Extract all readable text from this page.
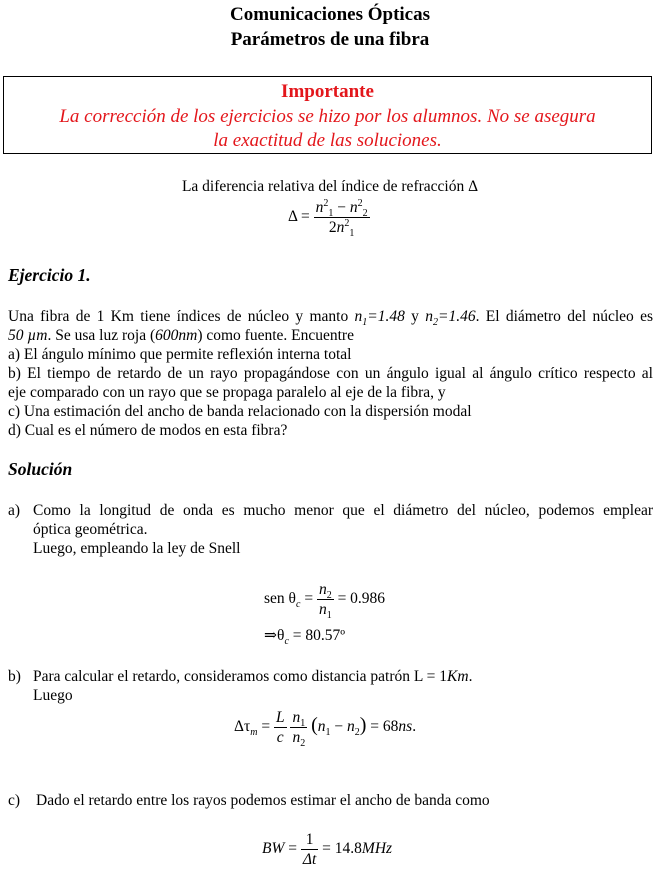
Comunicaciones Ópticas
Parámetros de una fibra
Importante
La corrección de los ejercicios se hizo por los alumnos. No se asegura
la exactitud de las soluciones.
La diferencia relativa del índice de refracción Δ
$\Delta = \frac{n^2_1 - n^2_2}{2n^2_1}$
Ejercicio 1.

Una fibra de 1 Km tiene índices de núcleo y manto $n_1=1.48$ y $n_2=1.46$. El diámetro del núcleo es

50 µm. Se usa luz roja (600nm) como fuente. Encuentre

a) El ángulo mínimo que permite reflexión interna total

b) El tiempo de retardo de un rayo propagándose con un ángulo igual al ángulo crítico respecto al

eje comparado con un rayo que se propaga paralelo al eje de la fibra, y

c) Una estimación del ancho de banda relacionado con la dispersión modal

d) Cual es el número de modos en esta fibra?

Solución
a) Como la longitud de onda es mucho menor que el diámetro del núcleo, podemos emplear
óptica geométrica.
Luego, empleando la ley de Snell
sen $\theta_c = \frac{n_2}{n_1} = 0.986$
$\Rightarrow\theta_c$ = 80.57º
b) Para calcular el retardo, consideramos como distancia patrón L = 1Km.
Luego
$\Delta\tau_m = \frac{L}{c}$
$\frac{n_1}{n_2} (n_1 - n_2) = 68ns$.
c) Dado el retardo entre los rayos podemos estimar el ancho de banda como
BW = $\frac{1}{\Delta t} = 14.8MHz$
